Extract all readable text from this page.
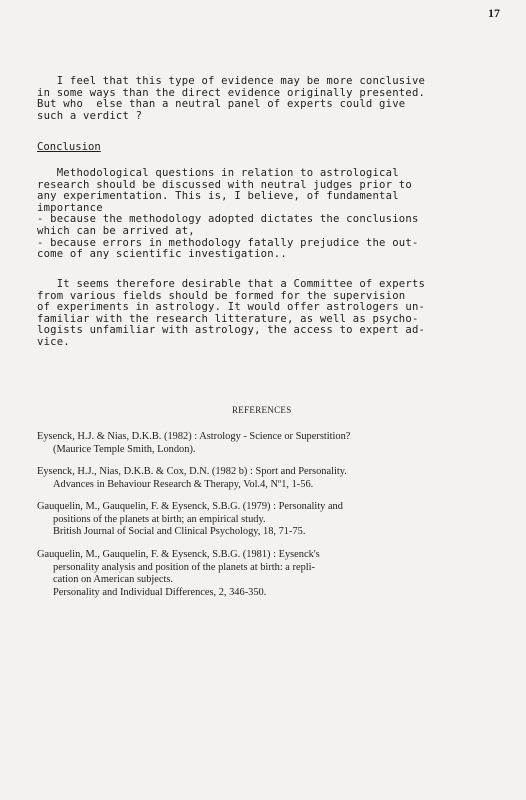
17
I feel that this type of evidence may be more conclusive
in some ways than the direct evidence originally presented.
But who  else than a neutral panel of experts could give
such a verdict ?
Conclusion
Methodological questions in relation to astrological
research should be discussed with neutral judges prior to
any experimentation. This is, I believe, of fundamental
importance
- because the methodology adopted dictates the conclusions
which can be arrived at,
- because errors in methodology fatally prejudice the out-
come of any scientific investigation..
It seems therefore desirable that a Committee of experts
from various fields should be formed for the supervision
of experiments in astrology. It would offer astrologers un-
familiar with the research litterature, as well as psycho-
logists unfamiliar with astrology, the access to expert ad-
vice.
REFERENCES
Eysenck, H.J. & Nias, D.K.B. (1982) : Astrology - Science or Superstition?
(Maurice Temple Smith, London).
Eysenck, H.J., Nias, D.K.B. & Cox, D.N. (1982 b) : Sport and Personality.
Advances in Behaviour Research & Therapy, Vol.4, Nº1, 1-56.
Gauquelin, M., Gauquelin, F. & Eysenck, S.B.G. (1979) : Personality and
positions of the planets at birth; an empirical study.
British Journal of Social and Clinical Psychology, 18, 71-75.
Gauquelin, M., Gauquelin, F. & Eysenck, S.B.G. (1981) : Eysenck's
personality analysis and position of the planets at birth: a repli-
cation on American subjects.
Personality and Individual Differences, 2, 346-350.
